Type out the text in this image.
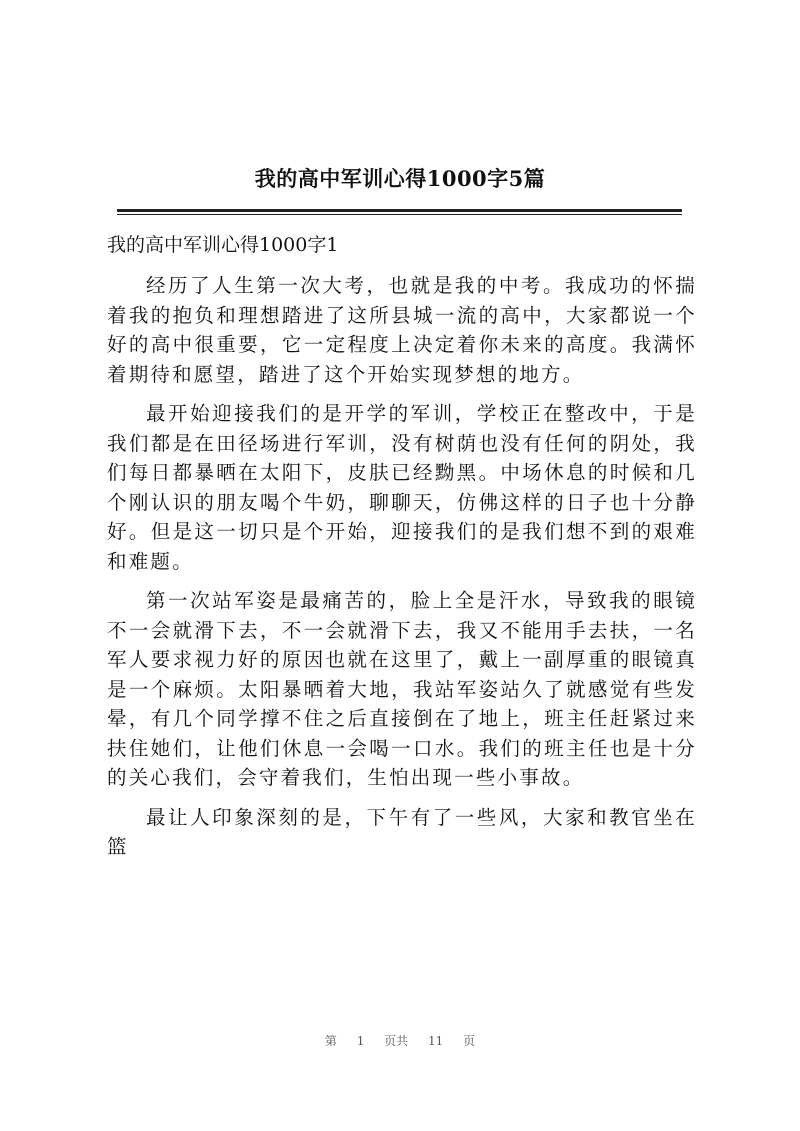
我的高中军训心得1000字5篇
我的高中军训心得1000字1

经历了人生第一次大考，也就是我的中考。我成功的怀揣着我的抱负和理想踏进了这所县城一流的高中，大家都说一个好的高中很重要，它一定程度上决定着你未来的高度。我满怀着期待和愿望，踏进了这个开始实现梦想的地方。

最开始迎接我们的是开学的军训，学校正在整改中，于是我们都是在田径场进行军训，没有树荫也没有任何的阴处，我们每日都暴晒在太阳下，皮肤已经黝黑。中场休息的时候和几个刚认识的朋友喝个牛奶，聊聊天，仿佛这样的日子也十分静好。但是这一切只是个开始，迎接我们的是我们想不到的艰难和难题。

第一次站军姿是最痛苦的，脸上全是汗水，导致我的眼镜不一会就滑下去，不一会就滑下去，我又不能用手去扶，一名军人要求视力好的原因也就在这里了，戴上一副厚重的眼镜真是一个麻烦。太阳暴晒着大地，我站军姿站久了就感觉有些发晕，有几个同学撑不住之后直接倒在了地上，班主任赶紧过来扶住她们，让他们休息一会喝一口水。我们的班主任也是十分的关心我们，会守着我们，生怕出现一些小事故。

最让人印象深刻的是，下午有了一些风，大家和教官坐在篮

第 1 页共 11 页
